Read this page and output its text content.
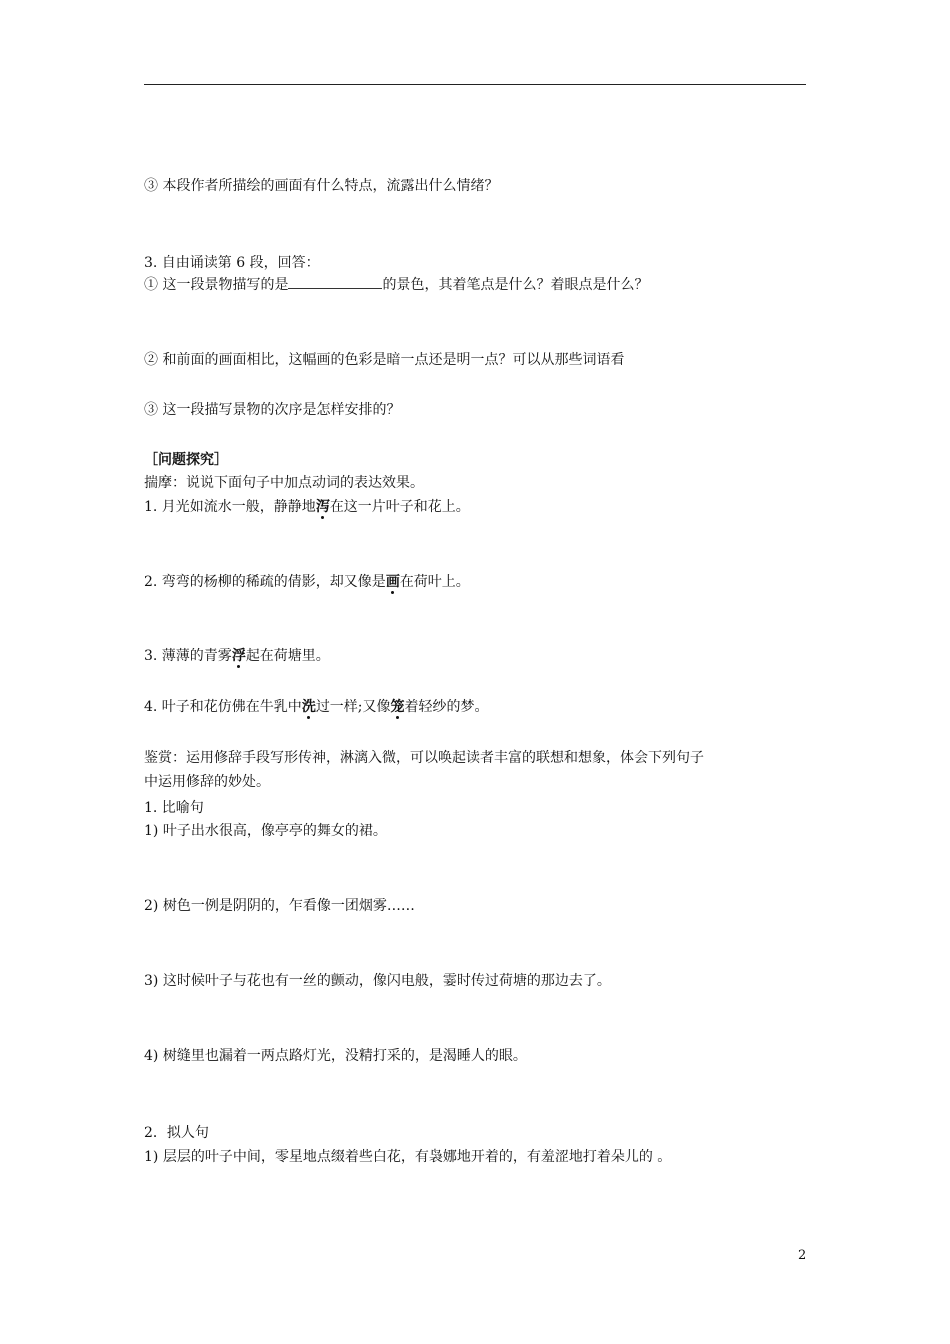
③ 本段作者所描绘的画面有什么特点，流露出什么情绪？
3. 自由诵读第 6 段，回答：
① 这一段景物描写的是	的景色，其着笔点是什么？着眼点是什么？
② 和前面的画面相比，这幅画的色彩是暗一点还是明一点？可以从那些词语看
③ 这一段描写景物的次序是怎样安排的？
［问题探究］
揣摩：说说下面句子中加点动词的表达效果。
1. 月光如流水一般，静静地泻在这一片叶子和花上。
2. 弯弯的杨柳的稀疏的倩影，却又像是画在荷叶上。
3. 薄薄的青雾浮起在荷塘里。
4. 叶子和花仿佛在牛乳中洗过一样;又像笼着轻纱的梦。
鉴赏：运用修辞手段写形传神，淋漓入微，可以唤起读者丰富的联想和想象，体会下列句子
中运用修辞的妙处。
1. 比喻句
1) 叶子出水很高，像亭亭的舞女的裙。
2) 树色一例是阴阴的，乍看像一团烟雾……
3) 这时候叶子与花也有一丝的颤动，像闪电般，霎时传过荷塘的那边去了。
4) 树缝里也漏着一两点路灯光，没精打采的，是渴睡人的眼。
2．拟人句
1) 层层的叶子中间，零星地点缀着些白花，有袅娜地开着的，有羞涩地打着朵儿的 。
2
